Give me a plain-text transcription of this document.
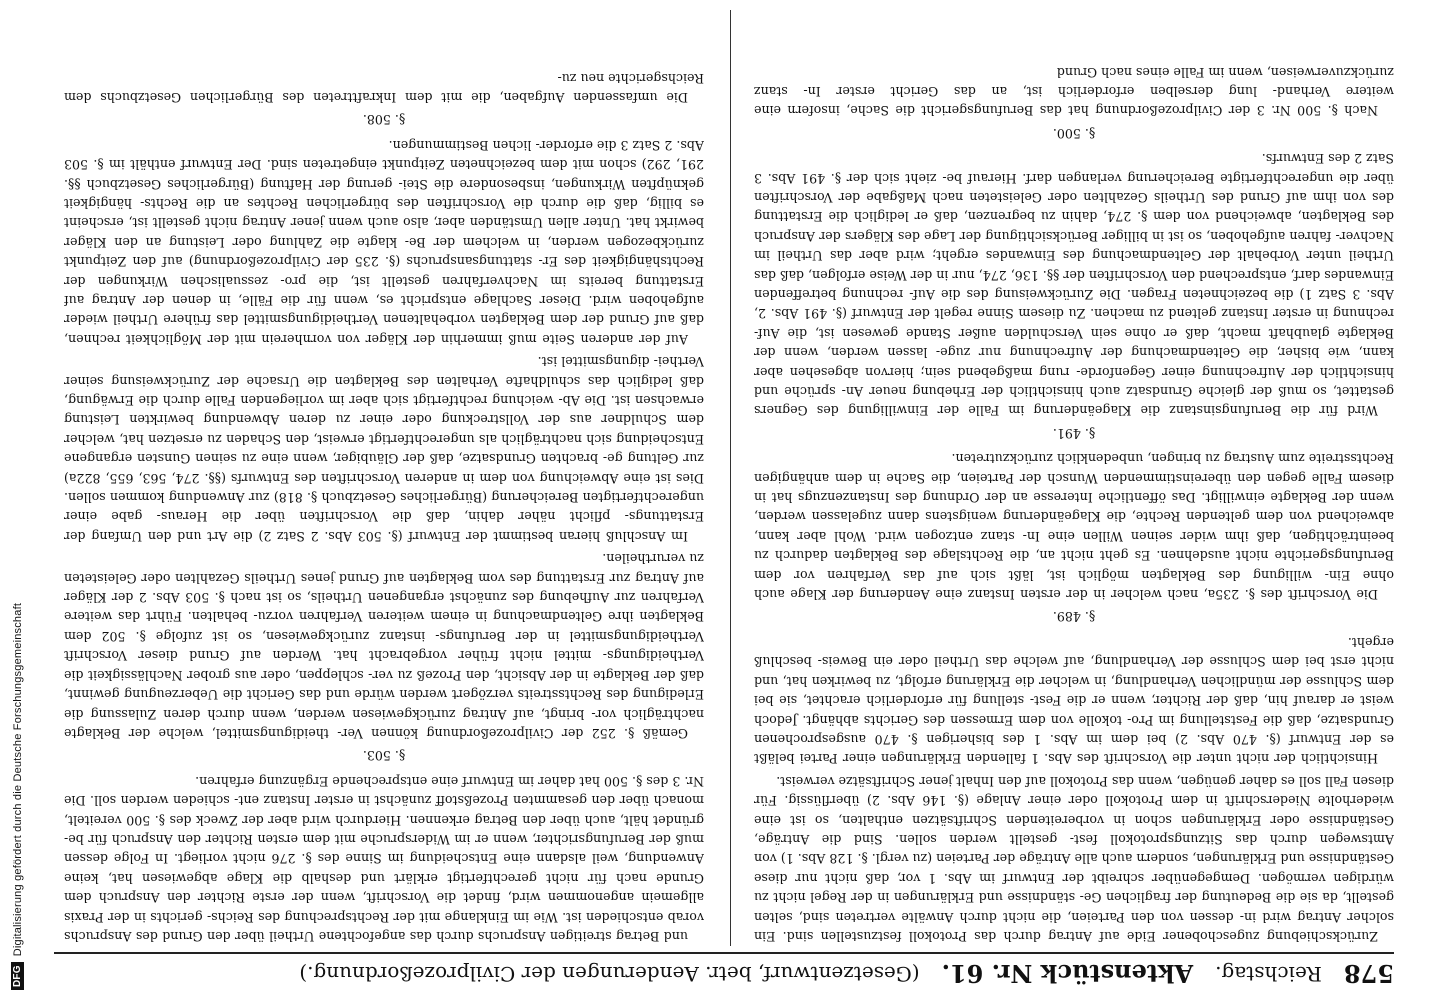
DFG
Digitalisierung gefördert durch die Deutsche Forschungsgemeinschaft
578
Reichstag.
Aktenstück Nr. 61.
(Gesetzentwurf, betr. Aenderungen der Civilprozeßordnung.)

Zurückschiebung zugeschobener Eide auf Antrag durch das Protokoll festzustellen sind. Ein solcher Antrag wird in- dessen von den Parteien, die nicht durch Anwälte vertreten sind, selten gestellt, da sie die Bedeutung der fraglichen Ge- ständnisse und Erklärungen in der Regel nicht zu würdigen vermögen. Demgegenüber schreibt der Entwurf im Abs. 1 vor, daß nicht nur diese Geständnisse und Erklärungen, sondern auch alle Anträge der Parteien (zu vergl. §. 128 Abs. 1) von Amtswegen durch das Sitzungsprotokoll fest- gestellt werden sollen. Sind die Anträge, Geständnisse oder Erklärungen schon in vorbereitenden Schriftsätzen enthalten, so ist eine wiederholte Niederschrift in dem Protokoll oder einer Anlage (§. 146 Abs. 2) überflüssig. Für diesen Fall soll es daher genügen, wenn das Protokoll auf den Inhalt jener Schriftsätze verweist.

Hinsichtlich der nicht unter die Vorschrift des Abs. 1 fallenden Erklärungen einer Partei beläßt es der Entwurf (§. 470 Abs. 2) bei dem im Abs. 1 des bisherigen §. 470 ausgesprochenen Grundsatze, daß die Feststellung im Pro- tokolle von dem Ermessen des Gerichts abhängt. Jedoch weist er darauf hin, daß der Richter, wenn er die Fest- stellung für erforderlich erachtet, sie bei dem Schlusse der mündlichen Verhandlung, in welcher die Erklärung erfolgt, zu bewirken hat, und nicht erst bei dem Schlusse der Verhandlung, auf welche das Urtheil oder ein Beweis- beschluß ergeht.

§. 489.

Die Vorschrift des §. 235a, nach welcher in der ersten Instanz eine Aenderung der Klage auch ohne Ein- willigung des Beklagten möglich ist, läßt sich auf das Verfahren vor dem Berufungsgerichte nicht ausdehnen. Es geht nicht an, die Rechtslage des Beklagten dadurch zu beeinträchtigen, daß ihm wider seinen Willen eine In- stanz entzogen wird. Wohl aber kann, abweichend von dem geltenden Rechte, die Klageänderung wenigstens dann zugelassen werden, wenn der Beklagte einwilligt. Das öffentliche Interesse an der Ordnung des Instanzenzugs hat in diesem Falle gegen den übereinstimmenden Wunsch der Parteien, die Sache in dem anhängigen Rechtsstreite zum Austrag zu bringen, unbedenklich zurückzutreten.

§. 491.

Wird für die Berufungsinstanz die Klageänderung im Falle der Einwilligung des Gegners gestattet, so muß der gleiche Grundsatz auch hinsichtlich der Erhebung neuer An- sprüche und hinsichtlich der Aufrechnung einer Gegenforde- rung maßgebend sein; hiervon abgesehen aber kann, wie bisher, die Geltendmachung der Aufrechnung nur zuge- lassen werden, wenn der Beklagte glaubhaft macht, daß er ohne sein Verschulden außer Stande gewesen ist, die Auf- rechnung in erster Instanz geltend zu machen. Zu diesem Sinne regelt der Entwurf (§. 491 Abs. 2, Abs. 3 Satz 1) die bezeichneten Fragen. Die Zurückweisung des die Auf- rechnung betreffenden Einwandes darf, entsprechend den Vorschriften der §§. 136, 274, nur in der Weise erfolgen, daß das Urtheil unter Vorbehalt der Geltendmachung des Einwandes ergeht; wird aber das Urtheil im Nachver- fahren aufgehoben, so ist in billiger Berücksichtigung der Lage des Klägers der Anspruch des Beklagten, abweichend von dem §. 274, dahin zu begrenzen, daß er lediglich die Erstattung des von ihm auf Grund des Urtheils Gezahlten oder Geleisteten nach Maßgabe der Vorschriften über die ungerechtfertigte Bereicherung verlangen darf. Hierauf be- zieht sich der §. 491 Abs. 3 Satz 2 des Entwurfs.

§. 500.

Nach §. 500 Nr. 3 der Civilprozeßordnung hat das Berufungsgericht die Sache, insofern eine weitere Verhand- lung derselben erforderlich ist, an das Gericht erster In- stanz zurückzuverweisen, wenn im Falle eines nach Grund

und Betrag streitigen Anspruchs durch das angefochtene Urtheil über den Grund des Anspruchs vorab entschieden ist. Wie im Einklange mit der Rechtsprechung des Reichs- gerichts in der Praxis allgemein angenommen wird, findet die Vorschrift, wenn der erste Richter den Anspruch dem Grunde nach für nicht gerechtfertigt erklärt und deshalb die Klage abgewiesen hat, keine Anwendung, weil alsdann eine Entscheidung im Sinne des §. 276 nicht vorliegt. In Folge dessen muß der Berufungsrichter, wenn er im Widerspruche mit dem ersten Richter den Anspruch für be- gründet hält, auch über den Betrag erkennen. Hierdurch wird aber der Zweck des §. 500 vereitelt, monach über den gesammten Prozeßstoff zunächst in erster Instanz ent- schieden werden soll. Die Nr. 3 des §. 500 hat daher im Entwurf eine entsprechende Ergänzung erfahren.

§. 503.

Gemäß §. 252 der Civilprozeßordnung können Ver- theidigungsmittel, welche der Beklagte nachträglich vor- bringt, auf Antrag zurückgewiesen werden, wenn durch deren Zulassung die Erledigung des Rechtsstreits verzögert werden würde und das Gericht die Ueberzeugung gewinnt, daß der Beklagte in der Absicht, den Prozeß zu ver- schleppen, oder aus grober Nachlässigkeit die Vertheidigungs- mittel nicht früher vorgebracht hat. Werden auf Grund dieser Vorschrift Vertheidigungsmittel in der Berufungs- instanz zurückgewiesen, so ist zufolge §. 502 dem Beklagten ihre Geltendmachung in einem weiteren Verfahren vorzu- behalten. Führt das weitere Verfahren zur Aufhebung des zunächst ergangenen Urtheils, so ist nach §. 503 Abs. 2 der Kläger auf Antrag zur Erstattung des vom Beklagten auf Grund jenes Urtheils Gezahlten oder Geleisteten zu verurtheilen.

Im Anschluß hieran bestimmt der Entwurf (§. 503 Abs. 2 Satz 2) die Art und den Umfang der Erstattungs- pflicht näher dahin, daß die Vorschriften über die Heraus- gabe einer ungerechtfertigten Bereicherung (Bürgerliches Gesetzbuch §. 818) zur Anwendung kommen sollen. Dies ist eine Abweichung von dem in anderen Vorschriften des Entwurfs (§§. 274, 563, 655, 822a) zur Geltung ge- brachten Grundsatze, daß der Gläubiger, wenn eine zu seinen Gunsten ergangene Entscheidung sich nachträglich als ungerechtfertigt erweist, den Schaden zu ersetzen hat, welcher dem Schuldner aus der Vollstreckung oder einer zu deren Abwendung bewirkten Leistung erwachsen ist. Die Ab- weichung rechtfertigt sich aber im vorliegenden Falle durch die Erwägung, daß lediglich das schuldhafte Verhalten des Beklagten die Ursache der Zurückweisung seiner Verthei- digungsmittel ist.

Auf der anderen Seite muß immerhin der Kläger von vornherein mit der Möglichkeit rechnen, daß auf Grund der dem Beklagten vorbehaltenen Vertheidigungsmittel das frühere Urtheil wieder aufgehoben wird. Dieser Sachlage entspricht es, wenn für die Fälle, in denen der Antrag auf Erstattung bereits im Nachverfahren gestellt ist, die pro- zessualischen Wirkungen der Rechtshängigkeit des Er- stattungsanspruchs (§. 235 der Civilprozeßordnung) auf den Zeitpunkt zurückbezogen werden, in welchem der Be- klagte die Zahlung oder Leistung an den Kläger bewirkt hat. Unter allen Umständen aber, also auch wenn jener Antrag nicht gestellt ist, erscheint es billig, daß die durch die Vorschriften des bürgerlichen Rechtes an die Rechts- hängigkeit geknüpften Wirkungen, insbesondere die Stei- gerung der Haftung (Bürgerliches Gesetzbuch §§. 291, 292) schon mit dem bezeichneten Zeitpunkt eingetreten sind. Der Entwurf enthält im §. 503 Abs. 2 Satz 3 die erforder- lichen Bestimmungen.

§. 508.

Die umfassenden Aufgaben, die mit dem Inkrafttreten des Bürgerlichen Gesetzbuchs dem Reichsgerichte neu zu-
